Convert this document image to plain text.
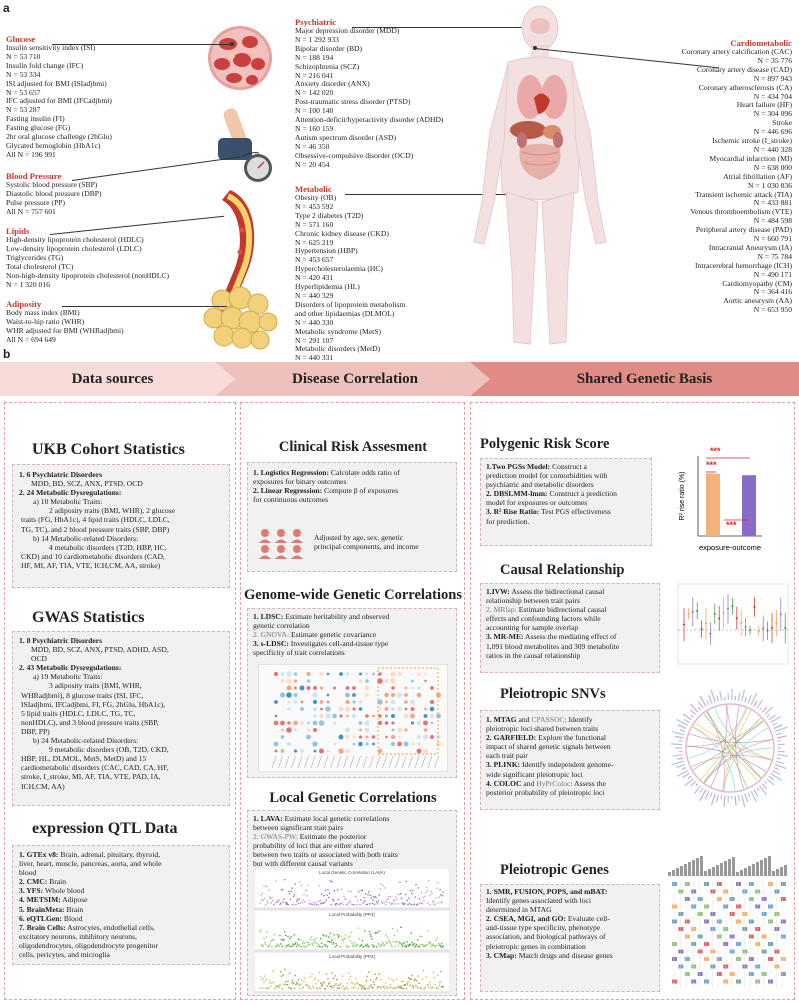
a
Glucose
Insulin sensitivity index (ISI)
N = 53 710
Insulin fold change (IFC)
N = 53 334
ISI adjusted for BMI (ISIadjbmi)
N = 53 657
IFC adjusted for BMI (IFCadjbmi)
N = 53 287
Fasting insulin (FI)
Fasting glucose (FG)
2hr oral glucose challenge (2hGlu)
Glycated hemoglobin (HbA1c)
All N = 196 991
Blood Pressure
Systolic blood pressure (SBP)
Diastolic blood pressure (DBP)
Pulse pressure (PP)
All N = 757 601
Lipids
High-density lipoprotein cholesterol (HDLC)
Low-density lipoprotein cholesterol (LDLC)
Triglycerides (TG)
Total cholesterol (TC)
Non-high-density lipoprotein cholesterol (nonHDLC)
N = 1 320 016
Adiposity
Body mass index (BMI)
Waist-to-hip ratio (WHR)
WHR adjusted for BMI (WHRadjbmi)
All N = 694 649
Psychiatric
Major depression disorder (MDD)
N = 1 292 933
Bipolar disorder (BD)
N = 188 194
Schizophrenia (SCZ)
N = 216 041
Anxiety disorder (ANX)
N = 142 020
Post-traumatic stress disorder (PTSD)
N = 100 140
Attention-deficit/hyperactivity disorder (ADHD)
N = 160 159
Autism spectrum disorder (ASD)
N = 46 350
Obsessive-compulsive disorder (OCD)
N = 20 454
Metabolic
Obesity (OB)
N = 453 592
Type 2 diabetes (T2D)
N = 571 160
Chronic kidney disease (CKD)
N = 625 219
Hypertension (HBP)
N = 453 657
Hypercholesterolaemia (HC)
N = 420 431
Hyperlipidemia (HL)
N = 440 329
Disorders of lipoprotein metabolism
and other lipidaemias (DLMOL)
N = 440 330
Metabolic syndrome (MetS)
N = 291 107
Metabolic disorders (MetD)
N = 440 331
Cardiometabolic
Coronary artery calcification (CAC)
N = 35 776
Coronary artery disease (CAD)
N = 897 943
Coronary atherosclerosis (CA)
N = 434 704
Heart failure (HF)
N = 304 096
Stroke
N = 446 696
Ischemic stroke (I_stroke)
N = 440 328
Myocardial infarction (MI)
N = 638 000
Atrial fibrillation (AF)
N = 1 030 836
Transient ischemic attack (TIA)
N = 433 881
Venous thromboembolism (VTE)
N = 484 598
Peripheral artery disease (PAD)
N = 660 791
Intracranial Aneurysm (IA)
N = 75 784
Intracerebral hemorrhage (ICH)
N = 490 171
Cardiomyopathy (CM)
N = 364 416
Aortic aneurysm (AA)
N = 653 950
b
Data sources	Disease Correlation	Shared Genetic Basis
UKB Cohort Statistics
1. 6 Psychiatric Disorders
MDD, BD, SCZ, ANX, PTSD, OCD
2. 24 Metabolic Dysregulations:
a) 10 Metabolic Traits:
2 adiposity traits (BMI, WHR), 2 glucose
traits (FG, HbA1c), 4 lipid traits (HDLC, LDLC,
TG, TC), and 2 blood pressure traits (SBP, DBP)
b) 14 Metabolic-related Disorders:
4 metabolic disorders (T2D, HBP, HC,
CKD) and 10 cardiometabolic disorders (CAD,
HF, MI, AF, TIA, VTE, ICH,CM, AA, stroke)
GWAS Statistics
1. 8 Psychiatric Disorders
MDD, BD, SCZ, ANX, PTSD, ADHD, ASD,
OCD
2. 43 Metabolic Dysregulations:
a) 19 Metabolic Traits:
3 adiposity traits (BMI, WHR,
WHRadjbmi), 8 glucose traits (ISI, IFC,
ISIadjbmi, IFCadjbmi, FI, FG, 2hGlu, HbA1c),
5 lipid traits (HDLC, LDLC, TG, TC,
nonHDLC), and 3 blood pressure traits (SBP,
DBP, PP)
b) 24 Metabolic-related Disorders:
9 metabolic disorders (OB, T2D, CKD,
HBP, HL, DLMOL, MetS, MetD) and 15
cardiometabolic disorders (CAC, CAD, CA, HF,
stroke, I_stroke, MI, AF, TIA, VTE, PAD, IA,
ICH,CM, AA)
expression QTL Data
1. GTEx v8: Brain, adrenal, pituitary, thyroid,
liver, heart, muscle, pancreas, aorta, and whole
blood
2. CMC: Brain
3. YFS: Whole blood
4. METSIM: Adipose
5. BrainMeta: Brain
6. eQTLGen: Blood
7. Brain Cells: Astrocytes, endothelial cells,
excitatory neurons, inhibitory neurons,
oligodendrocytes, oligodendrocyte progenitor
cells, pericytes, and microglia
Clinical Risk Assesment
1. Logistics Regression: Calculate odds ratio of
exposures for binary outcomes
2. Linear Regression: Compute β of exposures
for continuous outcomes
Adjusted by age, sex, genetic
principal components, and income
Genome-wide Genetic Correlations
1. LDSC: Estimate heritability and observed
genetic correlation
2. GNOVA: Estimate genetic covariance
3. s-LDSC: Investigates cell-and-tissue type
specificity of trait correlations
Local Genetic Correlations
1. LAVA: Estimate local genetic correlations
between significant trait pairs
2. GWAS-PW: Estimate the posterior
probability of loci that are either shared
between two traits or associated with both traits
but with different causal variants
Local Genetic Correlation (LAVA)
Local Probability (PP3)
Local Probability (PP4)
Polygenic Risk Score
1.Two PGSs Model: Construct a
prediction model for comorbidities with
psychiatric and metabolic disorders
2. DBSLMM-lmm: Construct a prediction
model for exposures or outcomes
3. R² Rise Ratio: Test PGS effectiveness
for prediction.
R² rise ratio (%)
exposure-outcome
***
***
***
Causal Relationship
1.IVW: Assess the bidirectional causal
relationship between trait pairs
2. MRlap: Estimate bidirectional causal
effects and confounding factors while
accounting for sample overlap
3. MR-ME: Assess the mediating effect of
1,091 blood metabolites and 309 metabolite
ratios in the causal relationship
Pleiotropic SNVs
1. MTAG and CPASSOC: Identify
pleiotropic loci shared between traits
2. GARFIELD: Explore the functional
impact of shared genetic signals between
each trait pair
3. PLINK: Identify independent genome-
wide significant pleiotropic loci
4. COLOC and HyPrColoc: Assess the
posterior probability of pleiotropic loci
Pleiotropic Genes
1. SMR, FUSION, POPS, and mBAT:
Identify genes associated with loci
determined in MTAG
2. CSEA, MGI, and GO: Evaluate cell-
and-tissue type specificity, phenotype
association, and biological pathways of
pleiotropic genes in combination
3. CMap: Match drugs and disease genes
